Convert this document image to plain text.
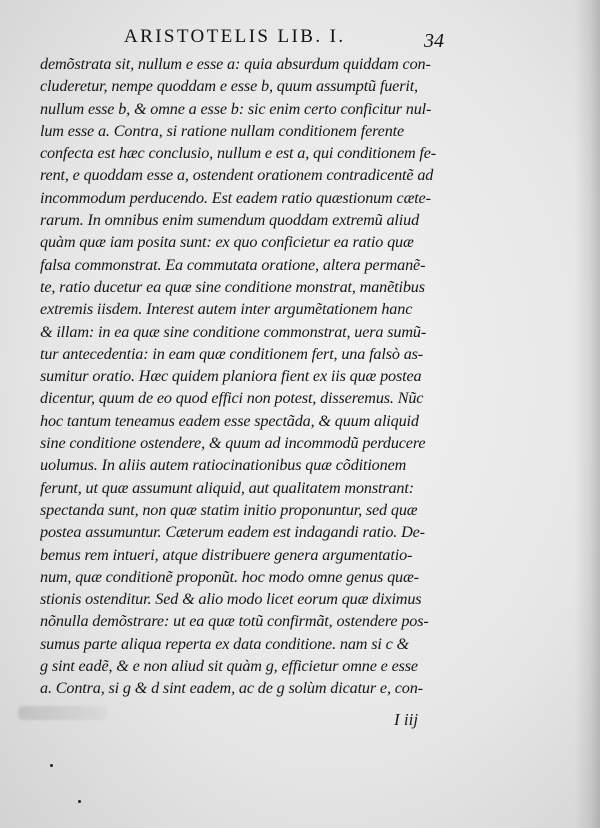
ARISTOTELIS LIB. I.	34
demõstrata sit, nullum e esse a: quia absurdum quiddam con-
cluderetur, nempe quoddam e esse b, quum assumptũ fuerit,
nullum esse b, & omne a esse b: sic enim certo conficitur nul-
lum esse a. Contra, si ratione nullam conditionem ferente
confecta est hæc conclusio, nullum e est a, qui conditionem fe-
rent, e quoddam esse a, ostendent orationem contradicentẽ ad
incommodum perducendo. Est eadem ratio quæstionum cæte-
rarum. In omnibus enim sumendum quoddam extremũ aliud
quàm quæ iam posita sunt: ex quo conficietur ea ratio quæ
falsa commonstrat. Ea commutata oratione, altera permanẽ-
te, ratio ducetur ea quæ sine conditione monstrat, manẽtibus
extremis iisdem. Interest autem inter argumẽtationem hanc
& illam: in ea quæ sine conditione commonstrat, uera sumũ-
tur antecedentia: in eam quæ conditionem fert, una falsò as-
sumitur oratio. Hæc quidem planiora fient ex iis quæ postea
dicentur, quum de eo quod effici non potest, disseremus. Nũc
hoc tantum teneamus eadem esse spectãda, & quum aliquid
sine conditione ostendere, & quum ad incommodũ perducere
uolumus. In aliis autem ratiocinationibus quæ cõditionem
ferunt, ut quæ assumunt aliquid, aut qualitatem monstrant:
spectanda sunt, non quæ statim initio proponuntur, sed quæ
postea assumuntur. Cæterum eadem est indagandi ratio. De-
bemus rem intueri, atque distribuere genera argumentatio-
num, quæ conditionẽ proponũt. hoc modo omne genus quæ-
stionis ostenditur. Sed & alio modo licet eorum quæ diximus
nõnulla demõstrare: ut ea quæ totũ confirmãt, ostendere pos-
sumus parte aliqua reperta ex data conditione. nam si c &
g sint eadẽ, & e non aliud sit quàm g, efficietur omne e esse
a. Contra, si g & d sint eadem, ac de g solùm dicatur e, con-
I iij
